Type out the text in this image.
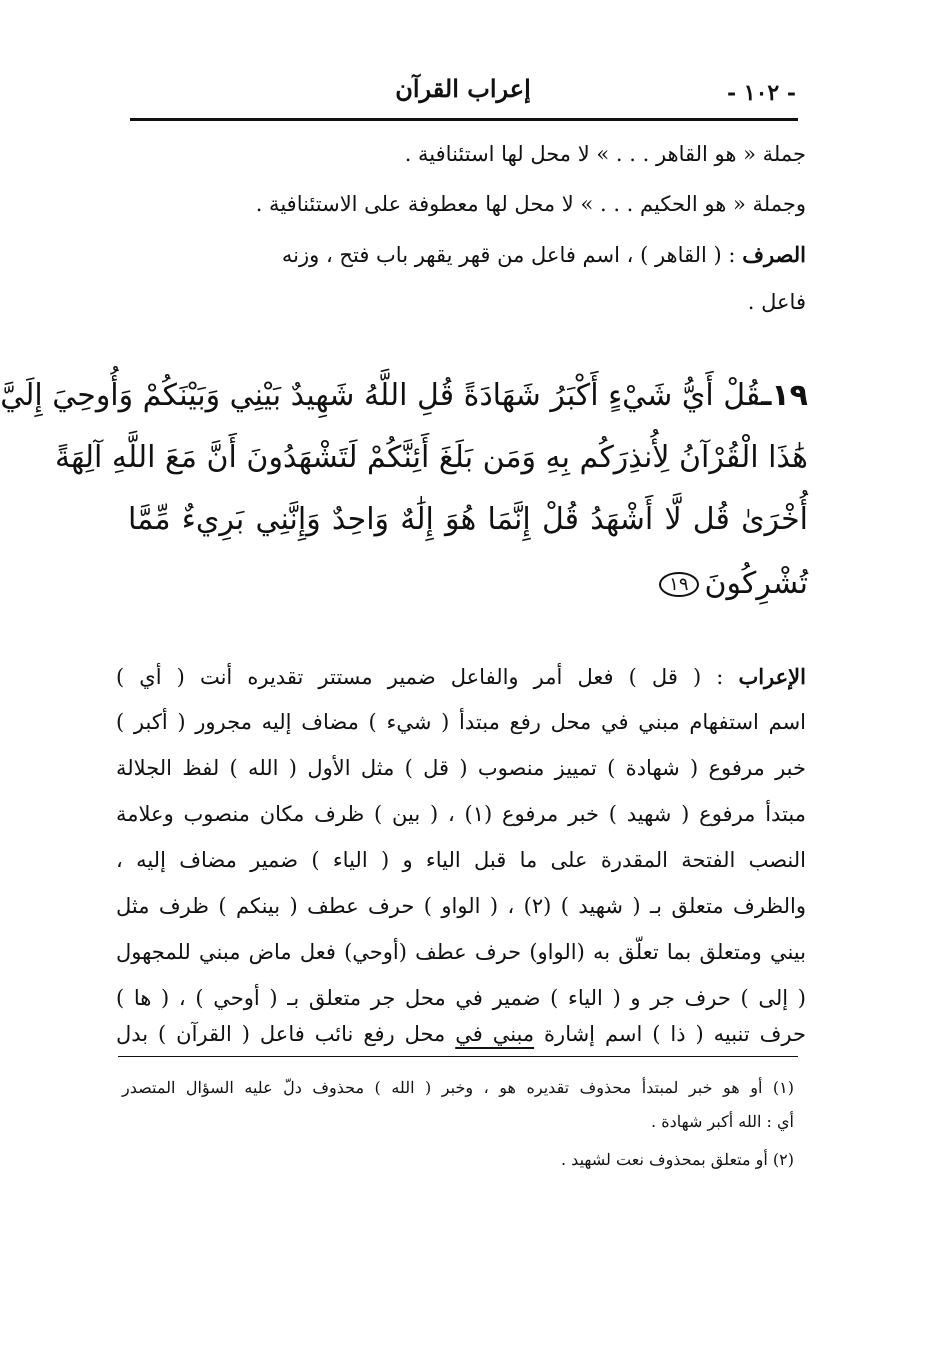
- ١٠٢ -
إعراب القرآن
جملة « هو القاهر . . . » لا محل لها استئنافية .
وجملة « هو الحكيم . . . » لا محل لها معطوفة على الاستئنافية .
الصرف : ( القاهر ) ، اسم فاعل من قهر يقهر باب فتح ، وزنه
فاعل .
١٩ـقُلْ أَيُّ شَيْءٍ أَكْبَرُ شَهَادَةً قُلِ اللَّهُ شَهِيدٌ بَيْنِي وَبَيْنَكُمْ وَأُوحِيَ إِلَيَّ
هَٰذَا الْقُرْآنُ لِأُنذِرَكُم بِهِ وَمَن بَلَغَ أَئِنَّكُمْ لَتَشْهَدُونَ أَنَّ مَعَ اللَّهِ آلِهَةً
أُخْرَىٰ قُل لَّا أَشْهَدُ قُلْ إِنَّمَا هُوَ إِلَٰهٌ وَاحِدٌ وَإِنَّنِي بَرِيءٌ مِّمَّا
تُشْرِكُونَ١٩
الإعراب : ( قل ) فعل أمر والفاعل ضمير مستتر تقديره أنت ( أي )
اسم استفهام مبني في محل رفع مبتدأ ( شيء ) مضاف إليه مجرور ( أكبر )
خبر مرفوع ( شهادة ) تمييز منصوب ( قل ) مثل الأول ( الله ) لفظ الجلالة
مبتدأ مرفوع ( شهيد ) خبر مرفوع (١) ، ( بين ) ظرف مكان منصوب وعلامة
النصب الفتحة المقدرة على ما قبل الياء و ( الياء ) ضمير مضاف إليه ،
والظرف متعلق بـ ( شهيد ) (٢) ، ( الواو ) حرف عطف ( بينكم ) ظرف مثل
بيني ومتعلق بما تعلّق به (الواو) حرف عطف (أوحي) فعل ماض مبني للمجهول
( إلى ) حرف جر و ( الياء ) ضمير في محل جر متعلق بـ ( أوحي ) ، ( ها )
حرف تنبيه ( ذا ) اسم إشارة مبني في محل رفع نائب فاعل ( القرآن ) بدل
(١) أو هو خبر لمبتدأ محذوف تقديره هو ، وخبر ( الله ) محذوف دلّ عليه السؤال المتصدر
أي : الله أكبر شهادة .
(٢) أو متعلق بمحذوف نعت لشهيد .
